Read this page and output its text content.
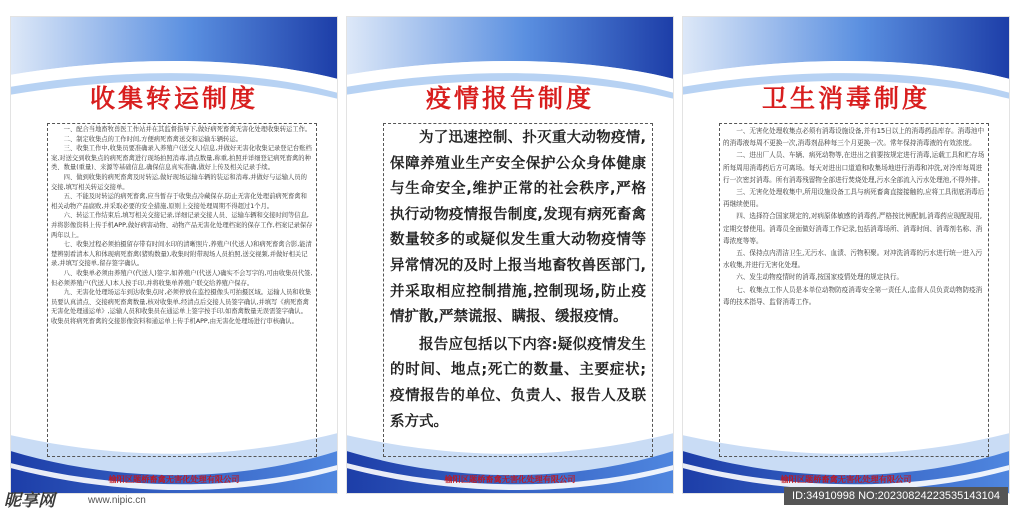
收集转运制度

一、配合当地畜牧兽医工作站并在其监督指导下,做好病死畜禽无害化处理收集转运工作。

二、制定收集点的工作时间,方便病死畜禽送交和运输车辆转运。

三、收集工作中,收集员要准确录入养殖户(送交人)信息,并做好无害化收集记录登记台账档案,对送交到收集点的病死畜禽进行现场拍照消毒,清点数量,称重,拍照并详细登记病死畜禽的种类、数量(重量)、来源等基础信息,确保信息真实准确,做好上传及相关记录手续。

四、做到收集的病死畜禽及时转运,做好现场运输车辆的装运和消毒,并做好与运输人员的交接,填写相关转运交接单。

五、不能及时转运的病死畜禽,应当暂存于收集点冷藏保存,防止无害化处理前病死畜禽和相关动物产品腐败,并采取必要的安全措施,原则上交接处理周期不得超过1个月。

六、转运工作结束后,填写相关交接记录,详细记录交接人员、运输车辆和交接时间等信息,并将影像资料上传手机APP,做好病害动物、动物产品无害化处理档案的保存工作,档案记录保存两年以上。

七、收集过程必须拍摄留存带有时间水印的清晰照片,养殖户(代送人)和病死畜禽合影,能清楚辨别看清本人和体现病死畜禽(猪购数量),收集时附带现场人员拍照,送交视频,并做好相关记录,并填写交接单,留存签字确认。

八、收集单必须由养殖户(代送人)签字,如养殖户(代送人)确实不会写字的,可由收集员代签,但必须养殖户(代送人)本人按手印,并将收集单养殖户联交给养殖户保存。

九、无害化处理场运车到达收集点时,必须停放在监控摄像头可拍摄区域。运输人员和收集员要认真清点、交接病死畜禽数量,核对收集单,经清点后交接人员签字确认,并填写《病死畜禽无害化处理通运单》,运输人员和收集员在通运单上签字按手印,如畜禽数量无误需签字确认。收集员将病死畜禽的交接影像资料和通运单上传手机APP,由无害化处理场进行审核确认。

榆阳区题桥畜禽无害化处理有限公司
疫情报告制度

为了迅速控制、扑灭重大动物疫情,保障养殖业生产安全保护公众身体健康与生命安全,维护正常的社会秩序,严格执行动物疫情报告制度,发现有病死畜禽数量较多的或疑似发生重大动物疫情等异常情况的及时上报当地畜牧兽医部门,并采取相应控制措施,控制现场,防止疫情扩散,严禁谎报、瞒报、缓报疫情。

报告应包括以下内容:疑似疫情发生的时间、地点;死亡的数量、主要症状;疫情报告的单位、负责人、报告人及联系方式。

榆阳区题桥畜禽无害化处理有限公司
卫生消毒制度

一、无害化处理收集点必须有消毒设施设备,并有15日以上的消毒药品库存。消毒池中的消毒液每周不更换一次,消毒剂品种每三个月更换一次。常年保持消毒液的有效浓度。

二、进出厂人员、车辆、病死动物等,在进出之前要按规定进行消毒,运载工具和贮存场所每周用消毒药后方可离场。每天对进出口道道和收集场地进行消毒和冲洗,对冷库每周进行一次密封消毒。所有消毒残留物全部进行焚烧处理,污水全部流入污水处理池,不得外排。

三、无害化处理收集中,所用设施设备工具与病死畜禽直接接触的,应将工具彻底消毒后再继续使用。

四、选择符合国家规定的,对病原体敏感的消毒药,严格按比例配制,消毒药应现配现用,定期交替使用。消毒员全面做好消毒工作记录,包括消毒场所、消毒时间、消毒剂名称、消毒浓度等等。

五、保持点内清洁卫生,无污水、血渍、污物积聚。对冲洗消毒的污水进行统一进入污水收集,并进行无害化处理。

六、发生动物疫情时的消毒,按国家疫情处理的规定执行。

七、收集点工作人员是本单位动物防疫消毒安全第一责任人,监督人员负责动物防疫消毒的技术指导、监督消毒工作。

榆阳区题桥畜禽无害化处理有限公司
昵享网	www.nipic.cn	ID:34910998 NO:20230824223535143104
